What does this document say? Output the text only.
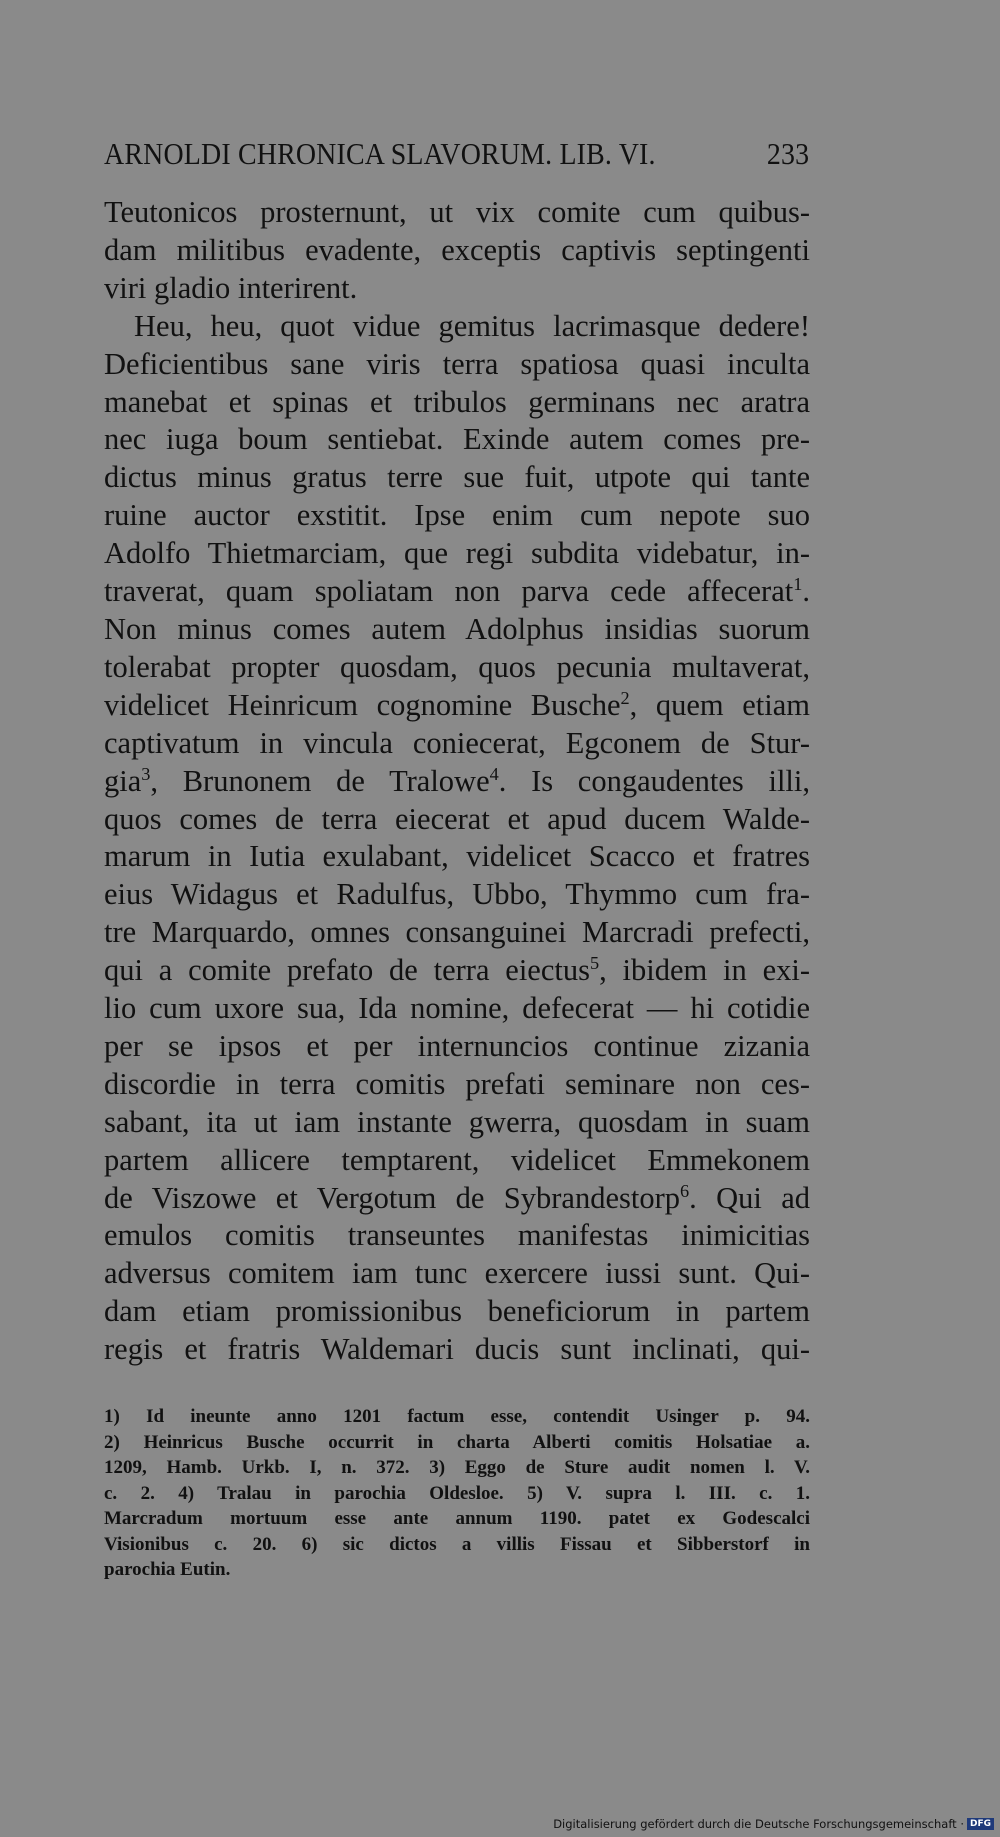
ARNOLDI CHRONICA SLAVORUM. LIB. VI.	233
Teutonicos prosternunt, ut vix comite cum quibus-
dam militibus evadente, exceptis captivis septingenti
viri gladio interirent.
Heu, heu, quot vidue gemitus lacrimasque dedere!
Deficientibus sane viris terra spatiosa quasi inculta
manebat et spinas et tribulos germinans nec aratra
nec iuga boum sentiebat. Exinde autem comes pre-
dictus minus gratus terre sue fuit, utpote qui tante
ruine auctor exstitit. Ipse enim cum nepote suo
Adolfo Thietmarciam, que regi subdita videbatur, in-
traverat, quam spoliatam non parva cede affecerat$^1$.
Non minus comes autem Adolphus insidias suorum
tolerabat propter quosdam, quos pecunia multaverat,
videlicet Heinricum cognomine Busche$^2$, quem etiam
captivatum in vincula coniecerat, Egconem de Stur-
gia$^3$, Brunonem de Tralowe$^4$. Is congaudentes illi,
quos comes de terra eiecerat et apud ducem Walde-
marum in Iutia exulabant, videlicet Scacco et fratres
eius Widagus et Radulfus, Ubbo, Thymmo cum fra-
tre Marquardo, omnes consanguinei Marcradi prefecti,
qui a comite prefato de terra eiectus$^5$, ibidem in exi-
lio cum uxore sua, Ida nomine, defecerat — hi cotidie
per se ipsos et per internuncios continue zizania
discordie in terra comitis prefati seminare non ces-
sabant, ita ut iam instante gwerra, quosdam in suam
partem allicere temptarent, videlicet Emmekonem
de Viszowe et Vergotum de Sybrandestorp$^6$. Qui ad
emulos comitis transeuntes manifestas inimicitias
adversus comitem iam tunc exercere iussi sunt. Qui-
dam etiam promissionibus beneficiorum in partem
regis et fratris Waldemari ducis sunt inclinati, qui-
1) Id ineunte anno 1201 factum esse, contendit Usinger p. 94.
2) Heinricus Busche occurrit in charta Alberti comitis Holsatiae a.
1209, Hamb. Urkb. I, n. 372. 3) Eggo de Sture audit nomen l. V.
c. 2. 4) Tralau in parochia Oldesloe. 5) V. supra l. III. c. 1.
Marcradum mortuum esse ante annum 1190. patet ex Godescalci
Visionibus c. 20. 6) sic dictos a villis Fissau et Sibberstorf in
parochia Eutin.
Digitalisierung gefördert durch die Deutsche Forschungsgemeinschaft · DFG
